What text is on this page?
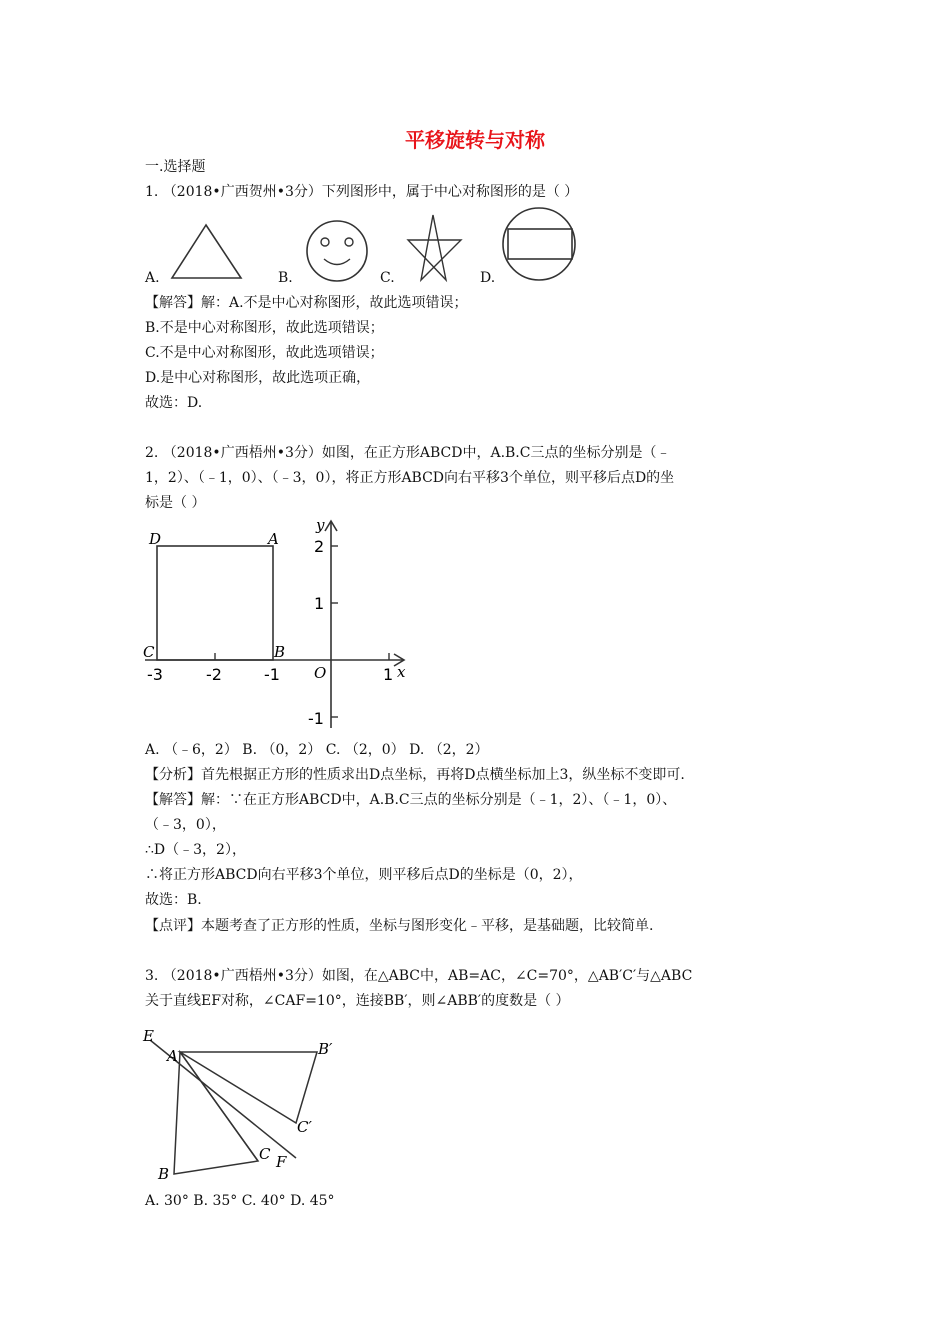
平移旋转与对称
一.选择题
1. （2018•广西贺州•3分）下列图形中，属于中心对称图形的是（ ）
A.	B.	C.	D.
【解答】解：A.不是中心对称图形，故此选项错误；
B.不是中心对称图形，故此选项错误；
C.不是中心对称图形，故此选项错误；
D.是中心对称图形，故此选项正确，
故选：D.
2. （2018•广西梧州•3分）如图，在正方形ABCD中，A.B.C三点的坐标分别是（﹣
1，2）、（﹣1，0）、（﹣3，0），将正方形ABCD向右平移3个单位，则平移后点D的坐
标是（ ）
D	A
C	B
y
x
O
2
1
-1
-3	-2	-1	1
A. （﹣6，2） B. （0，2） C. （2，0） D. （2，2）
【分析】首先根据正方形的性质求出D点坐标，再将D点横坐标加上3，纵坐标不变即可.
【解答】解：∵在正方形ABCD中，A.B.C三点的坐标分别是（﹣1，2）、（﹣1，0）、
（﹣3，0），
∴D（﹣3，2），
∴将正方形ABCD向右平移3个单位，则平移后点D的坐标是（0，2），
故选：B.
【点评】本题考查了正方形的性质，坐标与图形变化﹣平移，是基础题，比较简单.
3. （2018•广西梧州•3分）如图，在△ABC中，AB=AC，∠C=70°，△AB′C′与△ABC
关于直线EF对称，∠CAF=10°，连接BB′，则∠ABB′的度数是（ ）
E
A	B′
C′
C F
B
A. 30° B. 35° C. 40° D. 45°
